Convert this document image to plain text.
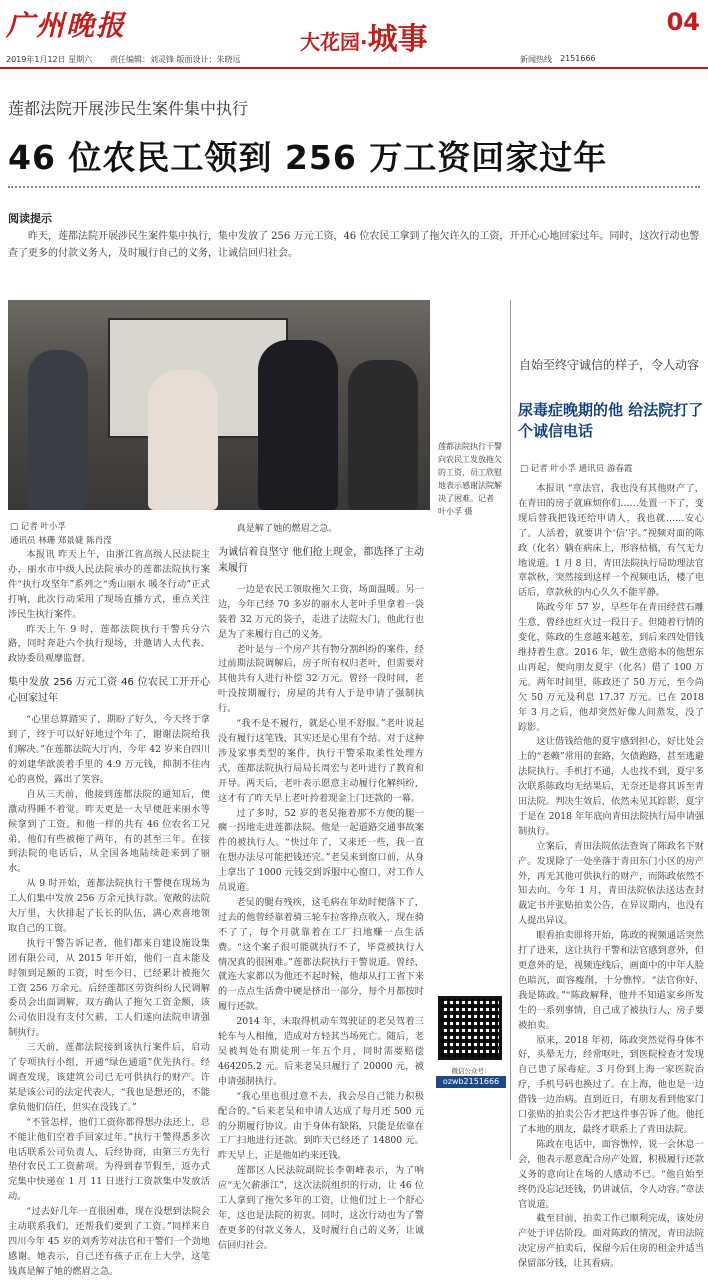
广州晚报	大花园·城事	04
2019年1月12日 星期六 责任编辑：刘灵锋 版面设计：朱晓远	新闻热线 2151666
莲都法院开展涉民生案件集中执行
46 位农民工领到 256 万工资回家过年
阅读提示
昨天，莲都法院开展涉民生案件集中执行，集中发放了 256 万元工资，46 位农民工拿到了拖欠许久的工资，开开心心地回家过年。同时，这次行动也警查了更多的付款义务人，及时履行自己的义务，让诚信回归社会。
莲都法院执行干警向农民工发放拖欠的工资，员工欣慰地表示感谢法院解决了困难。记者 叶小孚 摄
□ 记者 叶小孚
通讯员 林珊 郑景婕 陈肖滢

本报讯 昨天上午，由浙江省高级人民法院主办，丽水市中级人民法院承办的莲都法院执行案件“执行攻坚年”系列之“秀山丽水 暖冬行动”正式打响，此次行动采用了现场直播方式，重点关注涉民生执行案件。

昨天上午 9 时，莲都法院执行干警兵分六路，同时奔赴六个执行现场，并邀请人大代表、政协委员观摩监督。

集中发放 256 万元工资 46 位农民工开开心心回家过年

“心里总算踏实了，期盼了好久，今天终于拿到了，终于可以好好地过个年了，谢谢法院给我们解决。”在莲都法院大厅内，今年 42 岁来自四川的刘建华歆羡着手里的 4.9 万元钱，抑制不住内心的喜悦，露出了笑容。

自从三天前，他接到莲都法院的通知后，便激动得睡不着觉。昨天更是一大早便赶来丽水等候拿到了工资。和他一样的共有 46 位农名工兄弟，他们有些被拖了两年，有的甚至三年。在接到法院的电话后，从全国各地陆续赶来到了丽水。

从 9 时开始，莲都法院执行干警便在现场为工人们集中发放 256 万余元执行款。宽敞的法院大厅里，大伙排起了长长的队伍，满心欢喜地领取自己的工资。

执行干警告诉记者，他们都来自建设施设集团有限公司，从 2015 年开始，他们一直未能及时领到足额的工资，时至今日，已经累计被拖欠工资 256 万余元。后经莲都区劳资纠纷人民调解委员会出面调解，双方确认了拖欠工资金额，该公司依旧没有支付欠薪，工人们遂向法院申请强制执行。

三天前，莲都法院接到该执行案件后，启动了专项执行小组，开通“绿色通道”优先执行。经调查发现，该建筑公司已无可供执行的财产。许某是该公司的法定代表人，“我也是想还的，不能拿负他们信任，但实在没钱了。”

“不管怎样，他们工资你都得想办法还上，总不能让他们空着手回家过年。”执行干警得悉多次电话联系公司负责人，后经协商，由第三方先行垫付农民工工资薪项。为得到春节假至，返办式完集中快递在 1 月 11 日进行工资款集中发放活动。

“过去好几年一直很困难，现在没想到法院会主动联系我们，还帮我们要到了工资。”同样来自四川今年 45 岁的刘秀芳对法官和干警们一个劲地感谢。她表示，自己还有孩子正在上大学，这笔钱真是解了她的燃眉之急。

真是解了她的燃眉之急。

为诚信着良坚守 他们抢上现金，都选择了主动来履行

一边是农民工领取拖欠工资，场面温暖。另一边，今年已经 70 多岁的丽水人老叶手里拿着一袋装着 32 万元的袋子，走进了法院大门，他此行也是为了来履行自己的义务。

老叶是与一个房产共有物分割纠纷的案件，经过前期法院调解后，房子所有权归老叶，但需要对其他共有人进行补偿 32 万元。曾经一段时间，老叶没按期履行，房屋的共有人于是申请了强制执行。

“我不是不履行，就是心里不舒服。”老叶说起没有履行这笔钱，其实还是心里有个结。对于这种涉及家事类型的案件，执行干警采取柔性处理方式，莲都法院执行局局长周宏与老叶进行了教育和开导。两天后，老叶表示愿意主动履行化解纠纷，这才有了昨天早上老叶拎着现金上门还款的一幕。

过了多时，52 岁的老吴拖着那不方便的腿一瘸一拐地走进莲都法院。他是一起道路交通事故案件的被执行人。“快过年了，又来还一些，我一直在想办法尽可能把钱还完。”老吴来到窗口前，从身上拿出了 1000 元钱交到诉服中心窗口，对工作人员说道。

老吴的腿有残疾，这毛病在年幼时便落下了，过去的他曾经靠着骑三轮车拉客挣点收入，现在骑不了了，每个月就靠着在工厂扫地赚一点生活费。“这个案子很可能就执行不了，毕竟被执行人情况真的很困难。”莲都法院执行干警说道。曾经，就连大家都以为他还不起时候，他却从打工省下来的一点点生活费中硬是挤出一部分，每个月都按时履行还款。

2014 年，未取得机动车驾驶证的老吴驾着三轮车与人相撞，造成对方轻其当场死亡。随后，老吴被判处有期徒刑一年五个月，同时需要赔偿 464205.2 元。后来老吴只履行了 20000 元，被申请强制执行。

“我心里也很过意不去，我会尽自己能力积极配合的。”后来老吴和申请人达成了每月还 500 元的分期履行协议。由于身体有缺陷，只能是依靠在工厂扫地进行还款。到昨天已经还了 14800 元。昨天早上，正是他如约来还钱。

莲都区人民法院副院长李朝峰表示，为了响应“无欠薪浙江”，这次法院组织的行动，让 46 位工人拿到了拖欠多年的工资，让他们过上一个舒心年，这也是法院的初衷。同时，这次行动也为了警查更多的付款义务人，及时履行自己的义务，让诚信回归社会。

自始至终守诚信的样子，令人动容
尿毒症晚期的他 给法院打了个诚信电话
□ 记者 叶小孚 通讯员 游春霞

本报讯 “章法官，我也没有其他财产了，在青田的房子就麻烦你们……处置一下了，变现后替我把钱还给申请人，我也就……安心了。人活着，就要讲个‘信’字。”视频对面的陈政（化名）躺在病床上，形容枯槁，有气无力地说道。1 月 8 日，青田法院执行局助理法官章款秋，突然接到这样一个视频电话，楼了电话后，章款秋的内心久久不能平静。

陈政今年 57 岁，早些年在青田经营石雕生意，曾经也红火过一段日子。但随着行情的变化，陈政的生意越来越差，到后来四处借钱维持着生意。2016 年，做生意赔本的他想东山再起，便向朋友夏宇（化名）借了 100 万元。两年时间里，陈政还了 50 万元，至今尚欠 50 万元及利息 17.37 万元。已在 2018 年 3 月之后，他却突然好像人间蒸发，没了踪影。

这让借钱给他的夏宇感到担心，好比处会上的“老赖”常用的套路，欠债跑路，甚至逃避法院执行。手机打不通，人也找不到，夏宇多次联系陈政均无结果后，无奈还是将其诉至青田法院。判决生效后，依然未见其踪影，夏宇于是在 2018 年年底向青田法院执行局申请强制执行。

立案后，青田法院依法查询了陈政名下财产。发现除了一处坐落于青田东门小区的房产外，再无其他可供执行的财产，而陈政依然不知去向。今年 1 月，青田法院依法送达查封裁定书并张贴拍卖公告，在异议期内，也没有人提出异议。

眼看拍卖即将开始，陈政的视频通话突然打了进来，这让执行干警和法官感到意外，但更意外的是，视频连线后，画面中的中年人脸色暗沉，面容瘦削，十分憔悴。“法官你好，我是陈政。”“陈政解释，他并不知道家乡所发生的一系列事情，自己成了被执行人，房子要被拍卖。

原来，2018 年初，陈政突然觉得身体不好，头晕无力，经常呕吐，到医院检查才发现自己患了尿毒症。3 月份到上海一家医院治疗，手机号码也换过了。在上海，他也是一边借钱一边治病。直到近日，有朋友看到他家门口张贴的拍卖公告才把这件事告诉了他。他托了本地的朋友，最终才联系上了青田法院。

陈政在电话中，面容憔悴，说一会休息一会，他表示愿意配合房产处置，积极履行还款义务的意向让在场的人感动不已。“他自始至终仍没忘记还钱，仍讲诚信，令人动容。”章法官说道。

截至目前，拍卖工作已顺利完成，该处房产处于评估阶段。面对陈政的情况，青田法院决定房产拍卖后，保留今后住房的租金并适当保留部分钱，让其看病。

微信公众号：
ozwb2151666
